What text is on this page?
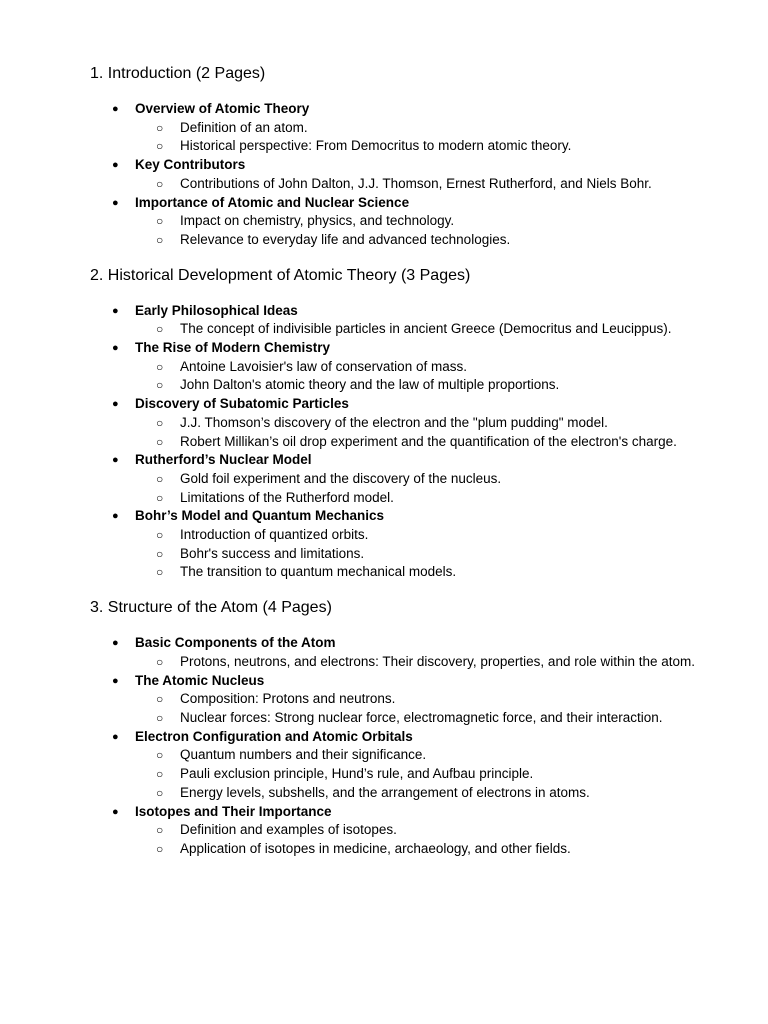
1. Introduction (2 Pages)
● Overview of Atomic Theory
○ Definition of an atom.
○ Historical perspective: From Democritus to modern atomic theory.
● Key Contributors
○ Contributions of John Dalton, J.J. Thomson, Ernest Rutherford, and Niels Bohr.
● Importance of Atomic and Nuclear Science
○ Impact on chemistry, physics, and technology.
○ Relevance to everyday life and advanced technologies.
2. Historical Development of Atomic Theory (3 Pages)
● Early Philosophical Ideas
○ The concept of indivisible particles in ancient Greece (Democritus and Leucippus).
● The Rise of Modern Chemistry
○ Antoine Lavoisier's law of conservation of mass.
○ John Dalton's atomic theory and the law of multiple proportions.
● Discovery of Subatomic Particles
○ J.J. Thomson’s discovery of the electron and the "plum pudding" model.
○ Robert Millikan’s oil drop experiment and the quantification of the electron's charge.
● Rutherford’s Nuclear Model
○ Gold foil experiment and the discovery of the nucleus.
○ Limitations of the Rutherford model.
● Bohr’s Model and Quantum Mechanics
○ Introduction of quantized orbits.
○ Bohr's success and limitations.
○ The transition to quantum mechanical models.
3. Structure of the Atom (4 Pages)
● Basic Components of the Atom
○ Protons, neutrons, and electrons: Their discovery, properties, and role within the atom.
● The Atomic Nucleus
○ Composition: Protons and neutrons.
○ Nuclear forces: Strong nuclear force, electromagnetic force, and their interaction.
● Electron Configuration and Atomic Orbitals
○ Quantum numbers and their significance.
○ Pauli exclusion principle, Hund’s rule, and Aufbau principle.
○ Energy levels, subshells, and the arrangement of electrons in atoms.
● Isotopes and Their Importance
○ Definition and examples of isotopes.
○ Application of isotopes in medicine, archaeology, and other fields.
